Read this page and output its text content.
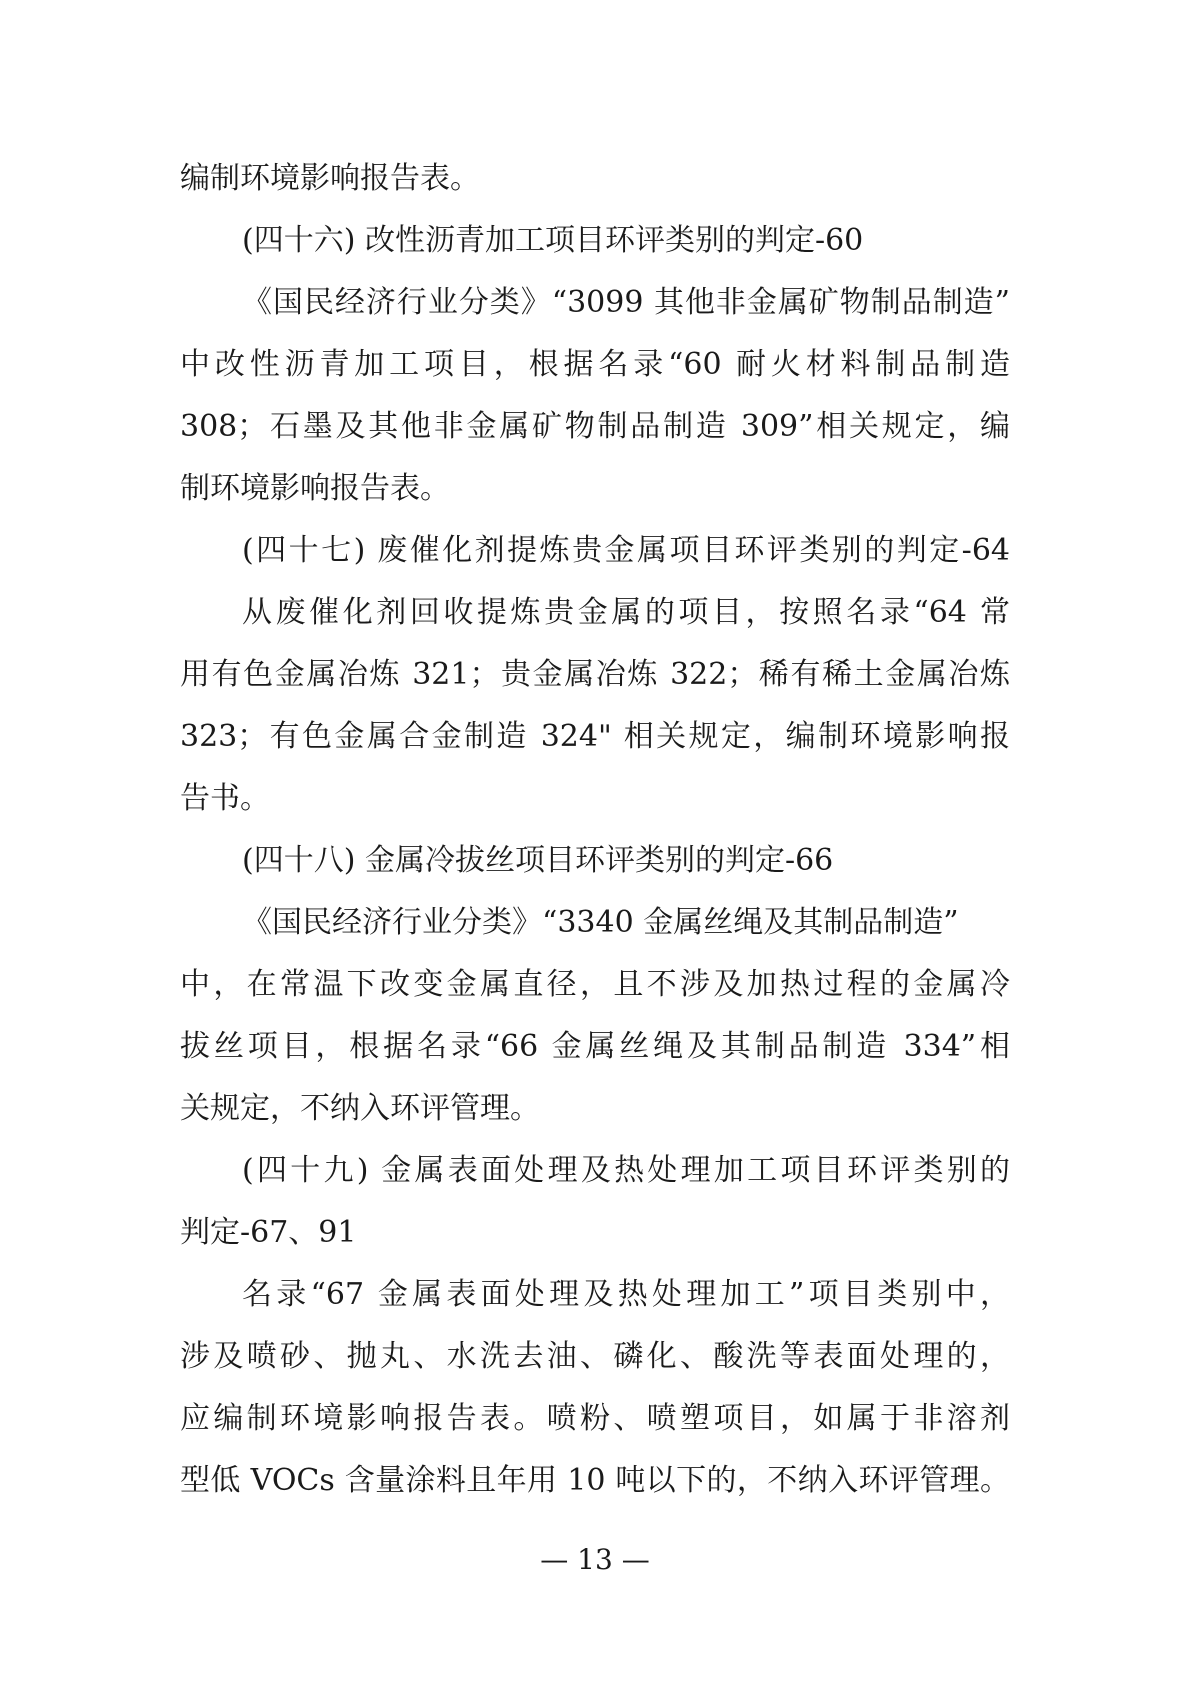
编制环境影响报告表。
(四十六) 改性沥青加工项目环评类别的判定-60
《国民经济行业分类》“3099 其他非金属矿物制品制造”
中改性沥青加工项目，根据名录“60 耐火材料制品制造
308；石墨及其他非金属矿物制品制造 309”相关规定，编
制环境影响报告表。
(四十七) 废催化剂提炼贵金属项目环评类别的判定-64
从废催化剂回收提炼贵金属的项目，按照名录“64 常
用有色金属冶炼 321；贵金属冶炼 322；稀有稀土金属冶炼
323；有色金属合金制造 324" 相关规定，编制环境影响报
告书。
(四十八) 金属冷拔丝项目环评类别的判定-66
《国民经济行业分类》“3340 金属丝绳及其制品制造”
中，在常温下改变金属直径，且不涉及加热过程的金属冷
拔丝项目，根据名录“66 金属丝绳及其制品制造 334”相
关规定，不纳入环评管理。
(四十九) 金属表面处理及热处理加工项目环评类别的
判定-67、91
名录“67 金属表面处理及热处理加工”项目类别中，
涉及喷砂、抛丸、水洗去油、磷化、酸洗等表面处理的，
应编制环境影响报告表。喷粉、喷塑项目，如属于非溶剂
型低 VOCs 含量涂料且年用 10 吨以下的，不纳入环评管理。
— 13 —
